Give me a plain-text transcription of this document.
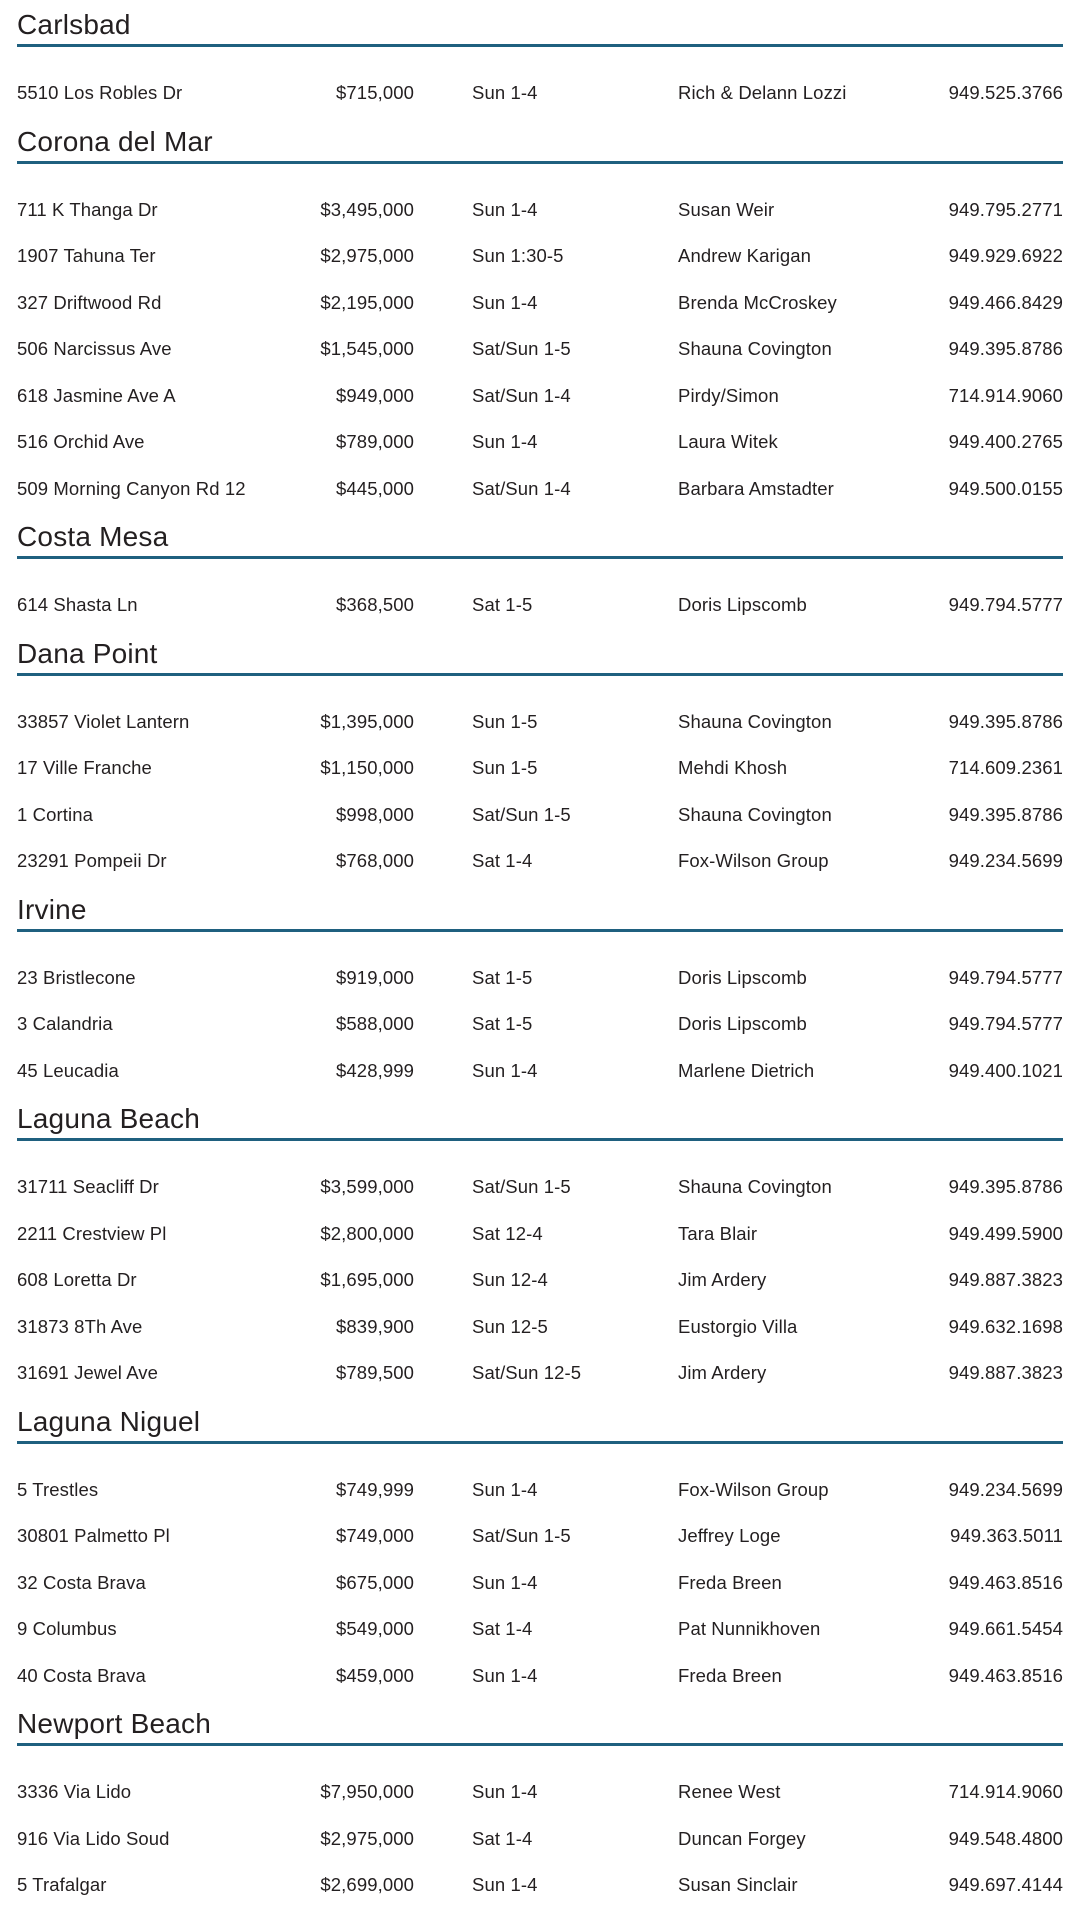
Carlsbad
5510 Los Robles Dr	$715,000	Sun 1-4	Rich & Delann Lozzi	949.525.3766
Corona del Mar
711 K Thanga Dr	$3,495,000	Sun 1-4	Susan Weir	949.795.2771
1907 Tahuna Ter	$2,975,000	Sun 1:30-5	Andrew Karigan	949.929.6922
327 Driftwood Rd	$2,195,000	Sun 1-4	Brenda McCroskey	949.466.8429
506 Narcissus Ave	$1,545,000	Sat/Sun 1-5	Shauna Covington	949.395.8786
618 Jasmine Ave A	$949,000	Sat/Sun 1-4	Pirdy/Simon	714.914.9060
516 Orchid Ave	$789,000	Sun 1-4	Laura Witek	949.400.2765
509 Morning Canyon Rd 12	$445,000	Sat/Sun 1-4	Barbara Amstadter	949.500.0155
Costa Mesa
614 Shasta Ln	$368,500	Sat 1-5	Doris Lipscomb	949.794.5777
Dana Point
33857 Violet Lantern	$1,395,000	Sun 1-5	Shauna Covington	949.395.8786
17 Ville Franche	$1,150,000	Sun 1-5	Mehdi Khosh	714.609.2361
1 Cortina	$998,000	Sat/Sun 1-5	Shauna Covington	949.395.8786
23291 Pompeii Dr	$768,000	Sat 1-4	Fox-Wilson Group	949.234.5699
Irvine
23 Bristlecone	$919,000	Sat 1-5	Doris Lipscomb	949.794.5777
3 Calandria	$588,000	Sat 1-5	Doris Lipscomb	949.794.5777
45 Leucadia	$428,999	Sun 1-4	Marlene Dietrich	949.400.1021
Laguna Beach
31711 Seacliff Dr	$3,599,000	Sat/Sun 1-5	Shauna Covington	949.395.8786
2211 Crestview Pl	$2,800,000	Sat 12-4	Tara Blair	949.499.5900
608 Loretta Dr	$1,695,000	Sun 12-4	Jim Ardery	949.887.3823
31873 8Th Ave	$839,900	Sun 12-5	Eustorgio Villa	949.632.1698
31691 Jewel Ave	$789,500	Sat/Sun 12-5	Jim Ardery	949.887.3823
Laguna Niguel
5 Trestles	$749,999	Sun 1-4	Fox-Wilson Group	949.234.5699
30801 Palmetto Pl	$749,000	Sat/Sun 1-5	Jeffrey Loge	949.363.5011
32 Costa Brava	$675,000	Sun 1-4	Freda Breen	949.463.8516
9 Columbus	$549,000	Sat 1-4	Pat Nunnikhoven	949.661.5454
40 Costa Brava	$459,000	Sun 1-4	Freda Breen	949.463.8516
Newport Beach
3336 Via Lido	$7,950,000	Sun 1-4	Renee West	714.914.9060
916 Via Lido Soud	$2,975,000	Sat 1-4	Duncan Forgey	949.548.4800
5 Trafalgar	$2,699,000	Sun 1-4	Susan Sinclair	949.697.4144
